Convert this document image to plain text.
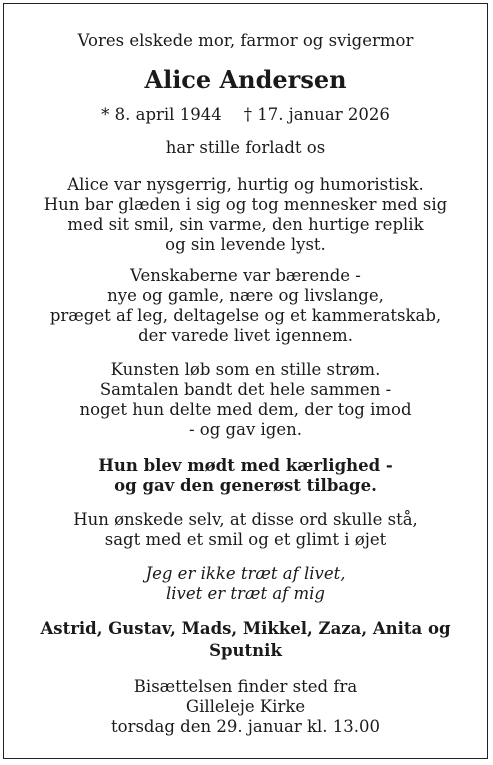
Vores elskede mor, farmor og svigermor
Alice Andersen
* 8. april 1944 † 17. januar 2026
har stille forladt os
Alice var nysgerrig, hurtig og humoristisk.
Hun bar glæden i sig og tog mennesker med sig
med sit smil, sin varme, den hurtige replik
og sin levende lyst.
Venskaberne var bærende -
nye og gamle, nære og livslange,
præget af leg, deltagelse og et kammeratskab,
der varede livet igennem.
Kunsten løb som en stille strøm.
Samtalen bandt det hele sammen -
noget hun delte med dem, der tog imod
- og gav igen.
Hun blev mødt med kærlighed -
og gav den generøst tilbage.
Hun ønskede selv, at disse ord skulle stå,
sagt med et smil og et glimt i øjet
Jeg er ikke træt af livet,
livet er træt af mig
Astrid, Gustav, Mads, Mikkel, Zaza, Anita og
Sputnik
Bisættelsen finder sted fra
Gilleleje Kirke
torsdag den 29. januar kl. 13.00
